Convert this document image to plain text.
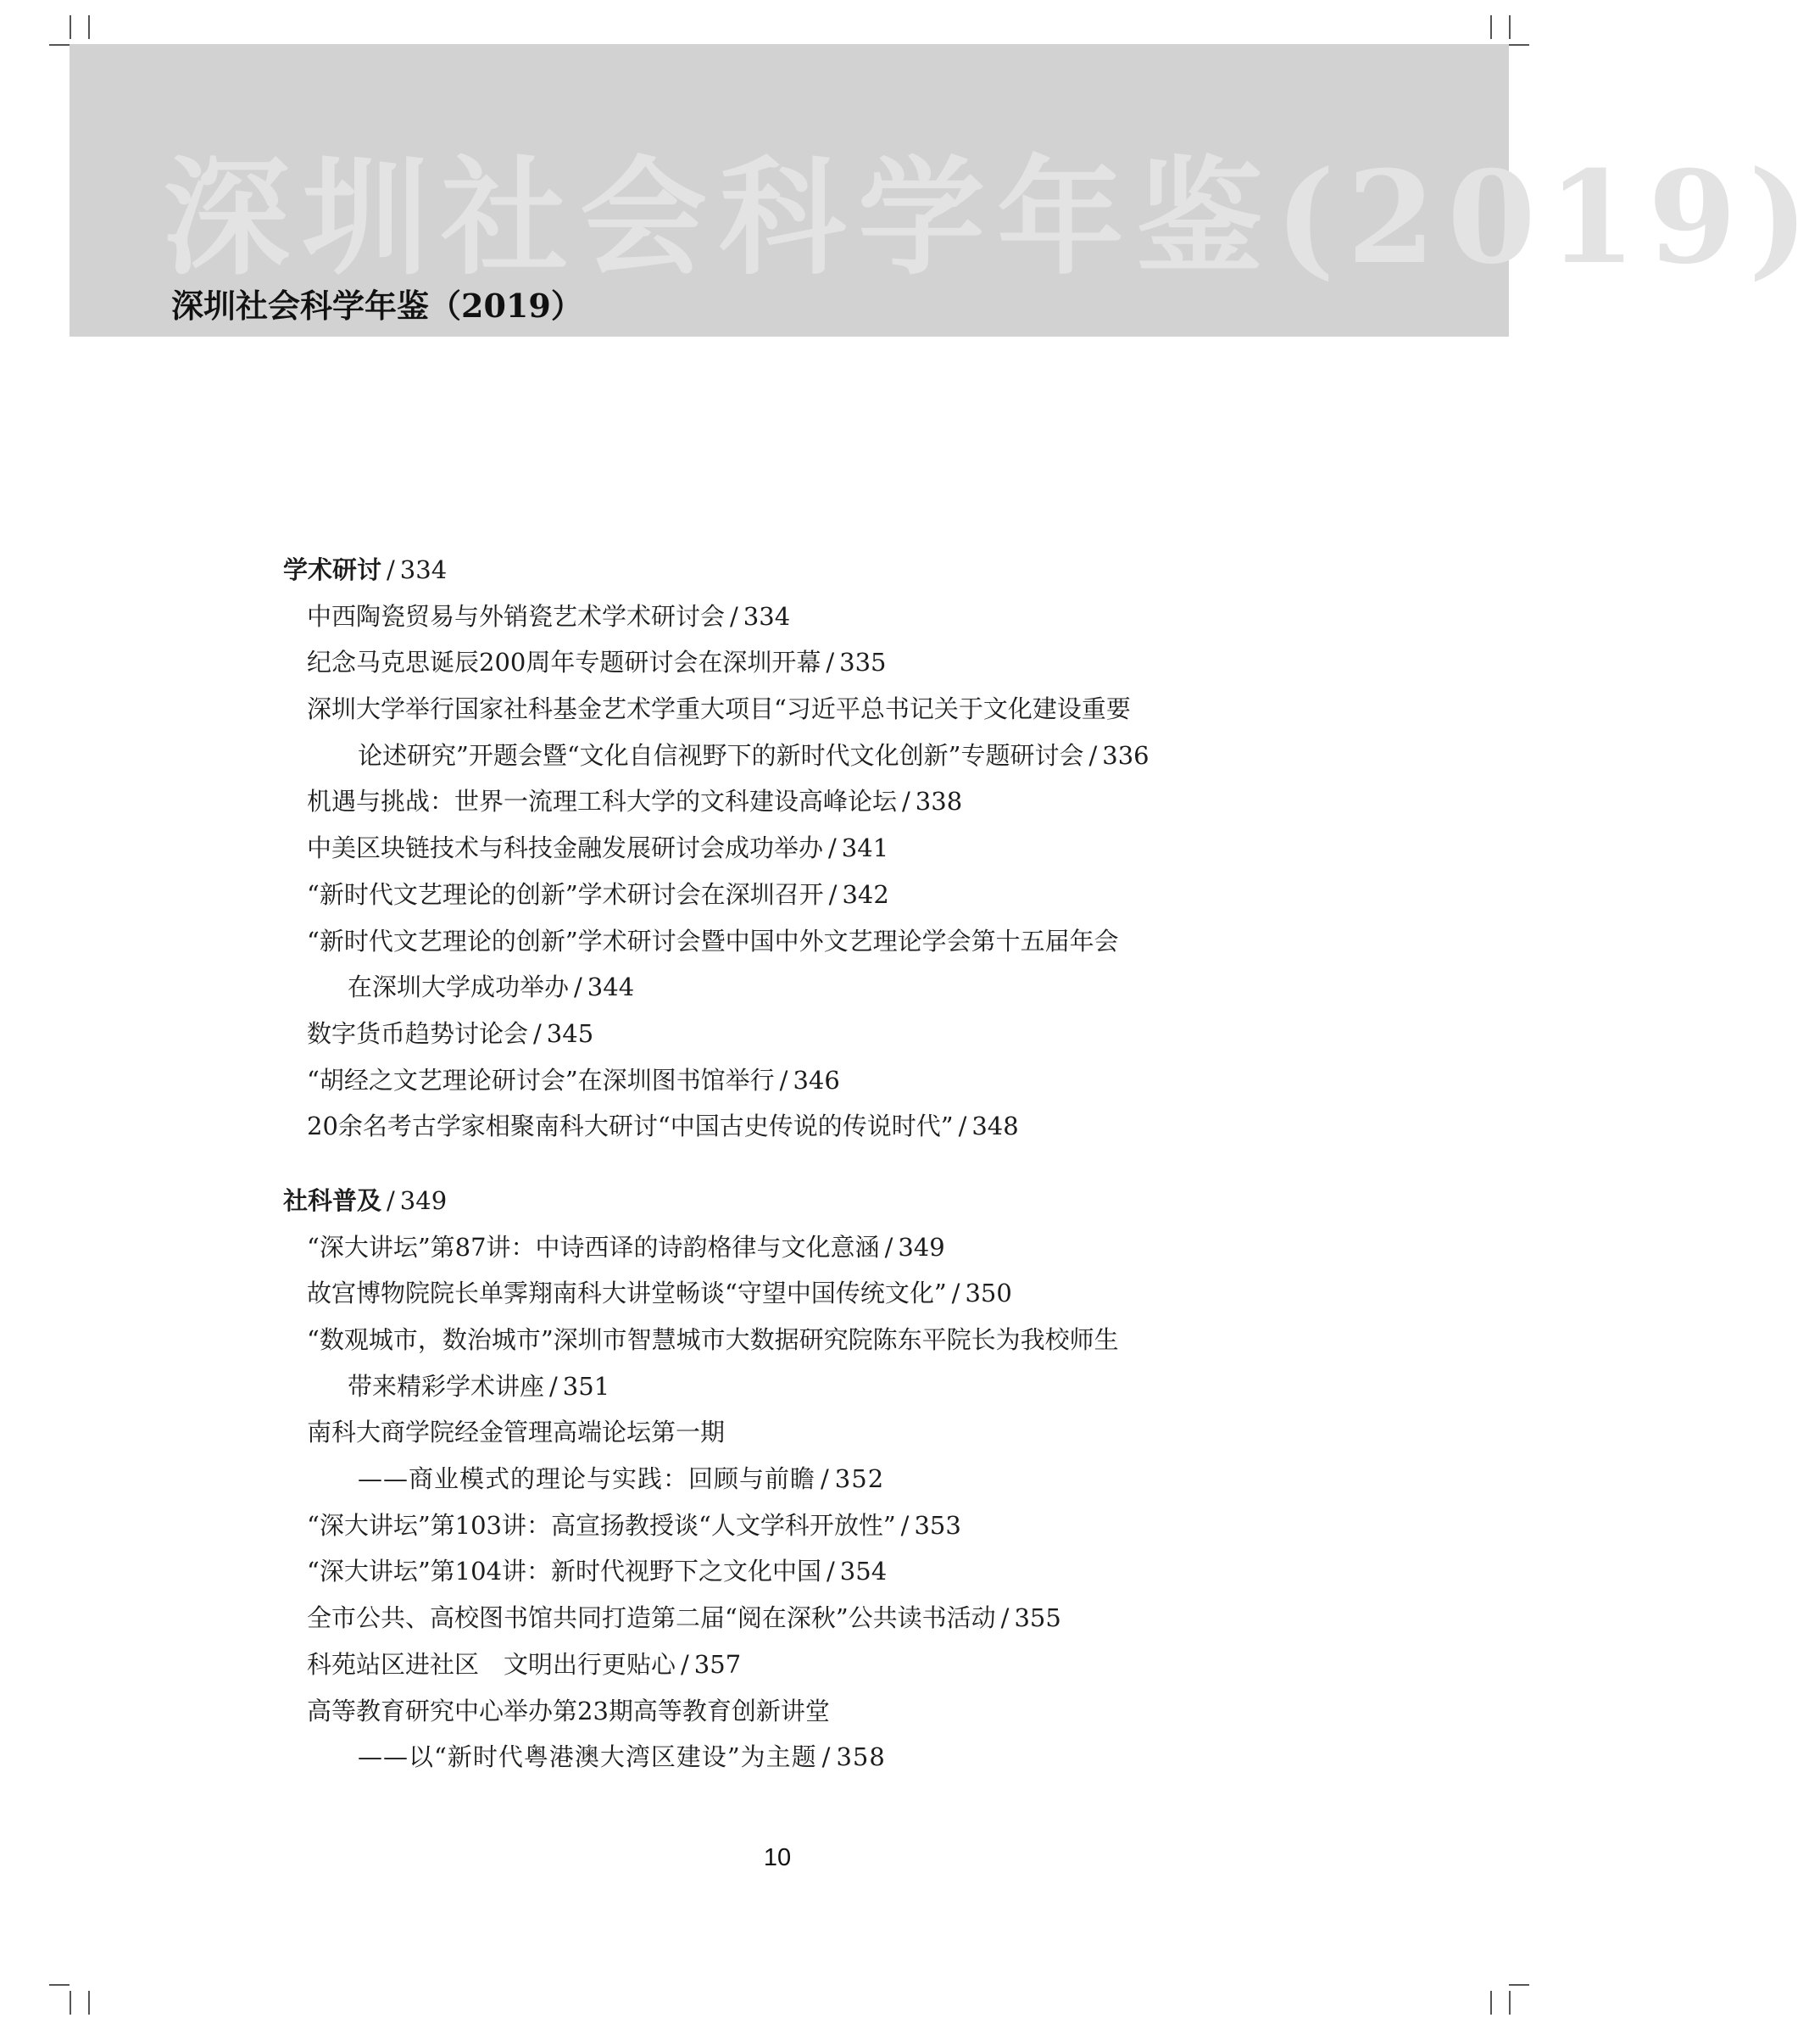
深圳社会科学年鉴(2019)
深圳社会科学年鉴（2019）
学术研讨 / 334
中西陶瓷贸易与外销瓷艺术学术研讨会 / 334
纪念马克思诞辰200周年专题研讨会在深圳开幕 / 335
深圳大学举行国家社科基金艺术学重大项目“习近平总书记关于文化建设重要
论述研究”开题会暨“文化自信视野下的新时代文化创新”专题研讨会 / 336
机遇与挑战：世界一流理工科大学的文科建设高峰论坛 / 338
中美区块链技术与科技金融发展研讨会成功举办 / 341
“新时代文艺理论的创新”学术研讨会在深圳召开 / 342
“新时代文艺理论的创新”学术研讨会暨中国中外文艺理论学会第十五届年会
在深圳大学成功举办 / 344
数字货币趋势讨论会 / 345
“胡经之文艺理论研讨会”在深圳图书馆举行 / 346
20余名考古学家相聚南科大研讨“中国古史传说的传说时代” / 348
社科普及 / 349
“深大讲坛”第87讲：中诗西译的诗韵格律与文化意涵 / 349
故宫博物院院长单霁翔南科大讲堂畅谈“守望中国传统文化” / 350
“数观城市，数治城市”深圳市智慧城市大数据研究院陈东平院长为我校师生
带来精彩学术讲座 / 351
南科大商学院经金管理高端论坛第一期
——商业模式的理论与实践：回顾与前瞻 / 352
“深大讲坛”第103讲：高宣扬教授谈“人文学科开放性” / 353
“深大讲坛”第104讲：新时代视野下之文化中国 / 354
全市公共、高校图书馆共同打造第二届“阅在深秋”公共读书活动 / 355
科苑站区进社区　文明出行更贴心 / 357
高等教育研究中心举办第23期高等教育创新讲堂
——以“新时代粤港澳大湾区建设”为主题 / 358
10
